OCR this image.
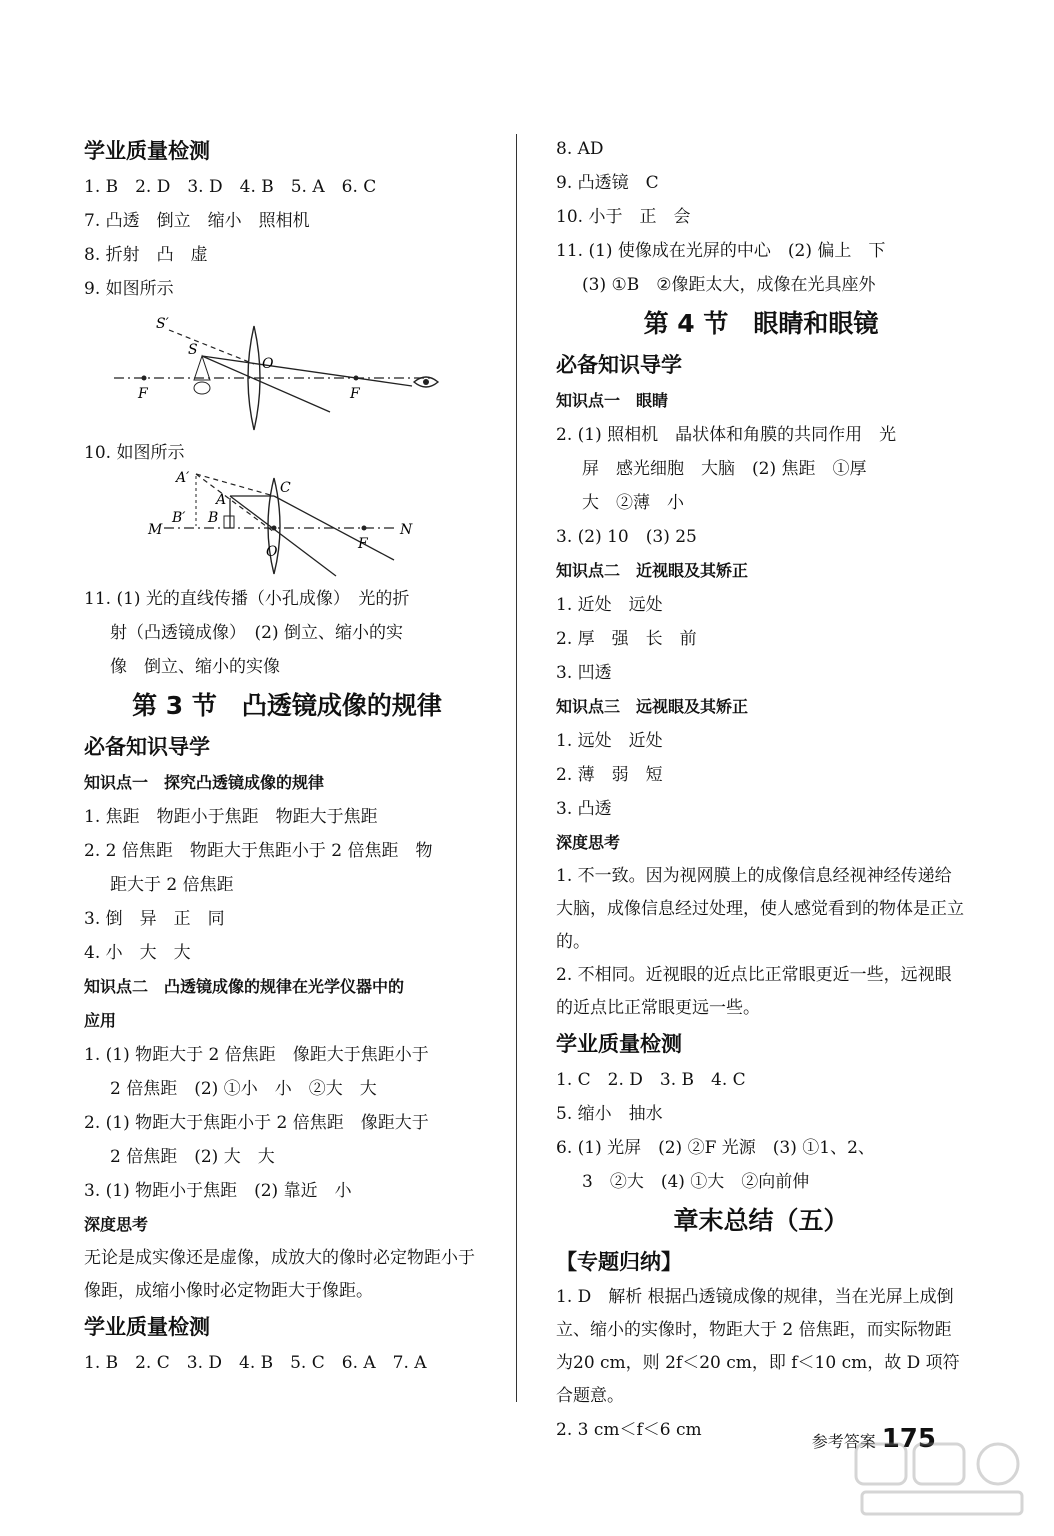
学业质量检测
1. B　2. D　3. D　4. B　5. A　6. C
7. 凸透　倒立　缩小　照相机
8. 折射　凸　虚
9. 如图所示
S′
S
O
F	F
10. 如图所示
A′
A
B′ B
C
M
O	F
N
11. (1) 光的直线传播（小孔成像）　光的折
射（凸透镜成像）　(2) 倒立、缩小的实
像　倒立、缩小的实像
第 3 节　凸透镜成像的规律
必备知识导学
知识点一　探究凸透镜成像的规律
1. 焦距　物距小于焦距　物距大于焦距
2. 2 倍焦距　物距大于焦距小于 2 倍焦距　物
距大于 2 倍焦距
3. 倒　异　正　同
4. 小　大　大
知识点二　凸透镜成像的规律在光学仪器中的
应用
1. (1) 物距大于 2 倍焦距　像距大于焦距小于
2 倍焦距　(2) ①小　小　②大　大
2. (1) 物距大于焦距小于 2 倍焦距　像距大于
2 倍焦距　(2) 大　大
3. (1) 物距小于焦距　(2) 靠近　小
深度思考
无论是成实像还是虚像，成放大的像时必定物距小于像距，成缩小像时必定物距大于像距。
学业质量检测
1. B　2. C　3. D　4. B　5. C　6. A　7. A
8. AD
9. 凸透镜　C
10. 小于　正　会
11. (1) 使像成在光屏的中心　(2) 偏上　下
(3) ①B　②像距太大，成像在光具座外
第 4 节　眼睛和眼镜
必备知识导学
知识点一　眼睛
2. (1) 照相机　晶状体和角膜的共同作用　光
屏　感光细胞　大脑　(2) 焦距　①厚
大　②薄　小
3. (2) 10　(3) 25
知识点二　近视眼及其矫正
1. 近处　远处
2. 厚　强　长　前
3. 凹透
知识点三　远视眼及其矫正
1. 远处　近处
2. 薄　弱　短
3. 凸透
深度思考
1. 不一致。因为视网膜上的成像信息经视神经传递给大脑，成像信息经过处理，使人感觉看到的物体是正立的。
2. 不相同。近视眼的近点比正常眼更近一些，远视眼的近点比正常眼更远一些。
学业质量检测
1. C　2. D　3. B　4. C
5. 缩小　抽水
6. (1) 光屏　(2) ②F 光源　(3) ①1、2、
3　②大　(4) ①大　②向前伸
章末总结（五）
【专题归纳】
1. D　解析 根据凸透镜成像的规律，当在光屏上成倒立、缩小的实像时，物距大于 2 倍焦距，而实际物距为20 cm，则 2f＜20 cm，即 f＜10 cm，故 D 项符合题意。
2. 3 cm＜f＜6 cm
参考答案 175
